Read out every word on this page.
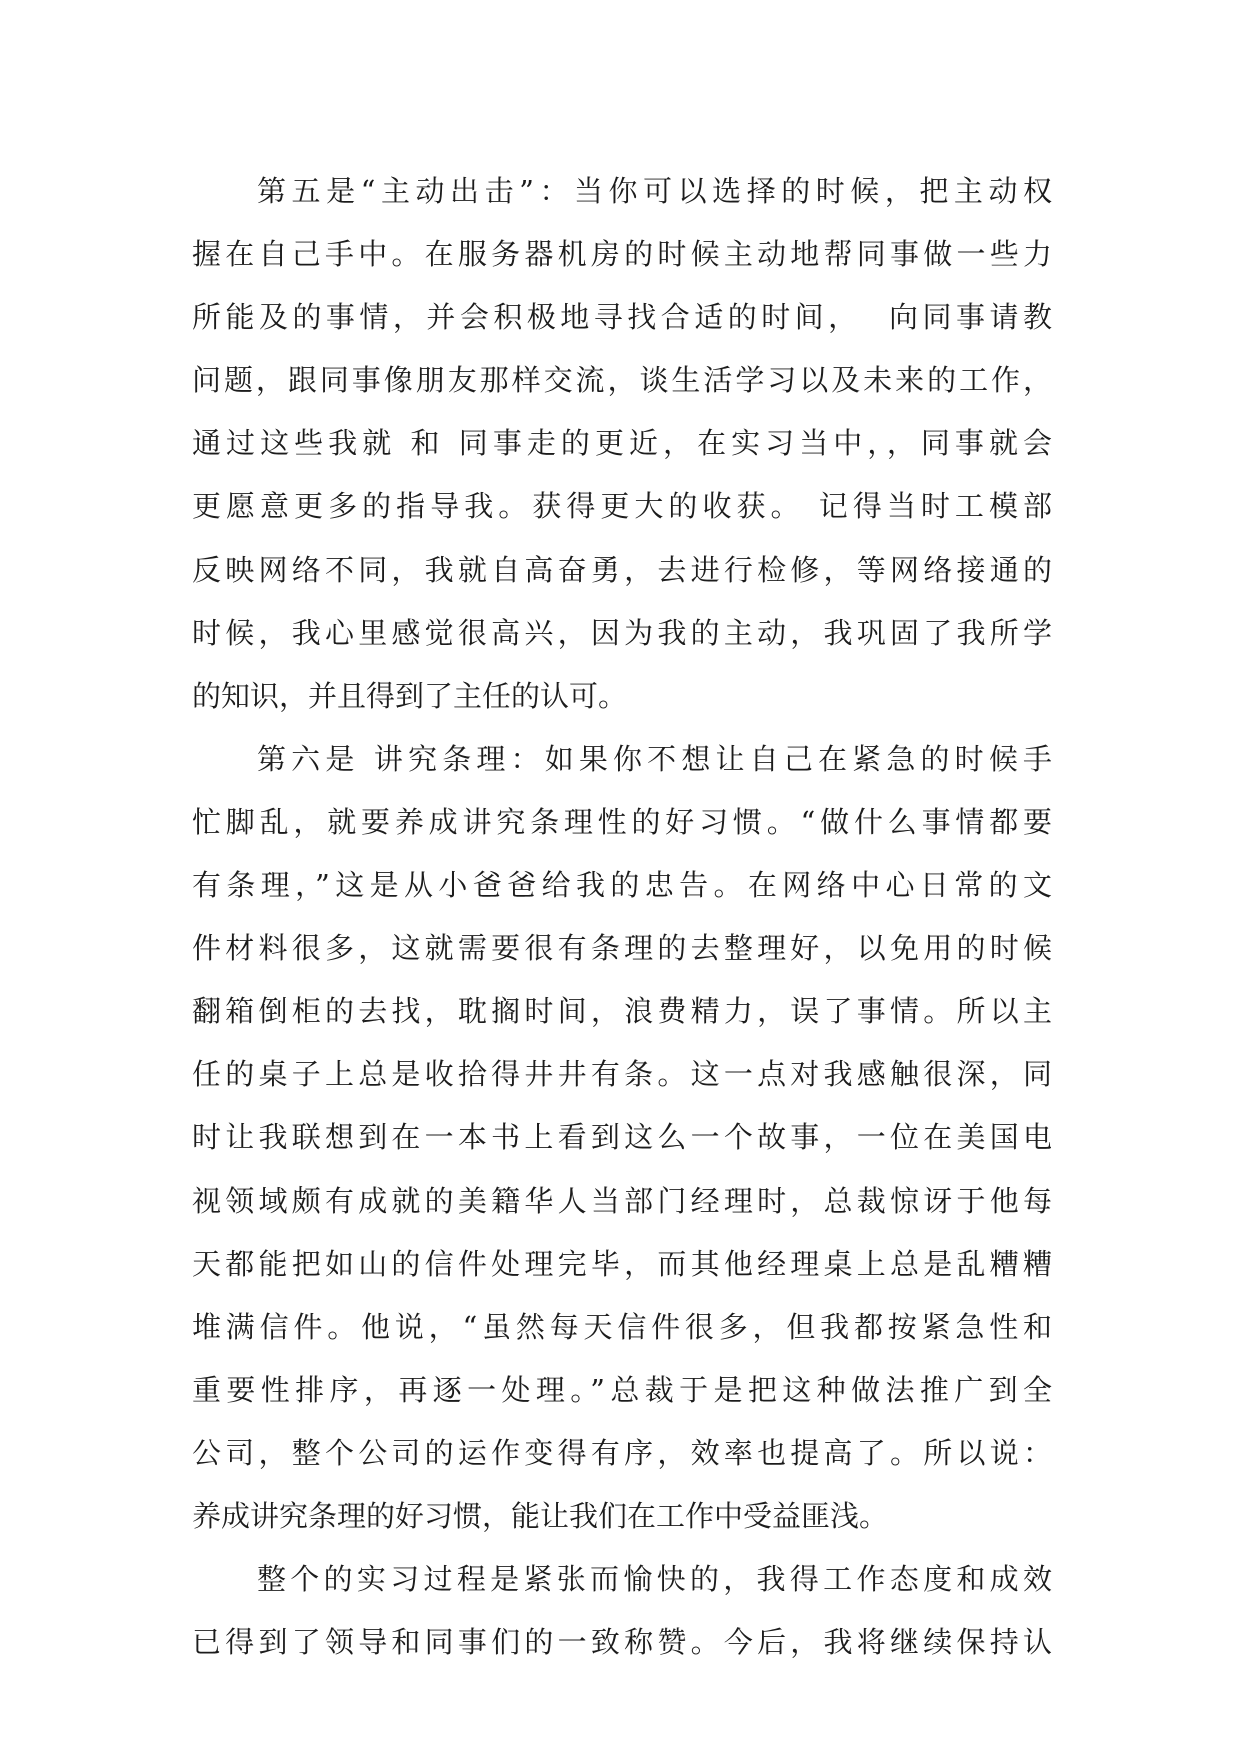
第五是“主动出击”：当你可以选择的时候，把主动权
握在自己手中。在服务器机房的时候主动地帮同事做一些力
所能及的事情，并会积极地寻找合适的时间，  向同事请教
问题，跟同事像朋友那样交流，谈生活学习以及未来的工作，
通过这些我就 和 同事走的更近，在实习当中，，同事就会
更愿意更多的指导我。获得更大的收获。 记得当时工模部
反映网络不同，我就自高奋勇，去进行检修，等网络接通的
时候，我心里感觉很高兴，因为我的主动，我巩固了我所学
的知识，并且得到了主任的认可。
第六是 讲究条理：如果你不想让自己在紧急的时候手
忙脚乱，就要养成讲究条理性的好习惯。“做什么事情都要
有条理，”这是从小爸爸给我的忠告。在网络中心日常的文
件材料很多，这就需要很有条理的去整理好，以免用的时候
翻箱倒柜的去找，耽搁时间，浪费精力，误了事情。所以主
任的桌子上总是收拾得井井有条。这一点对我感触很深，同
时让我联想到在一本书上看到这么一个故事，一位在美国电
视领域颇有成就的美籍华人当部门经理时，总裁惊讶于他每
天都能把如山的信件处理完毕，而其他经理桌上总是乱糟糟
堆满信件。他说，“虽然每天信件很多，但我都按紧急性和
重要性排序，再逐一处理。”总裁于是把这种做法推广到全
公司，整个公司的运作变得有序，效率也提高了。所以说：
养成讲究条理的好习惯，能让我们在工作中受益匪浅。
整个的实习过程是紧张而愉快的，我得工作态度和成效
已得到了领导和同事们的一致称赞。今后，我将继续保持认
